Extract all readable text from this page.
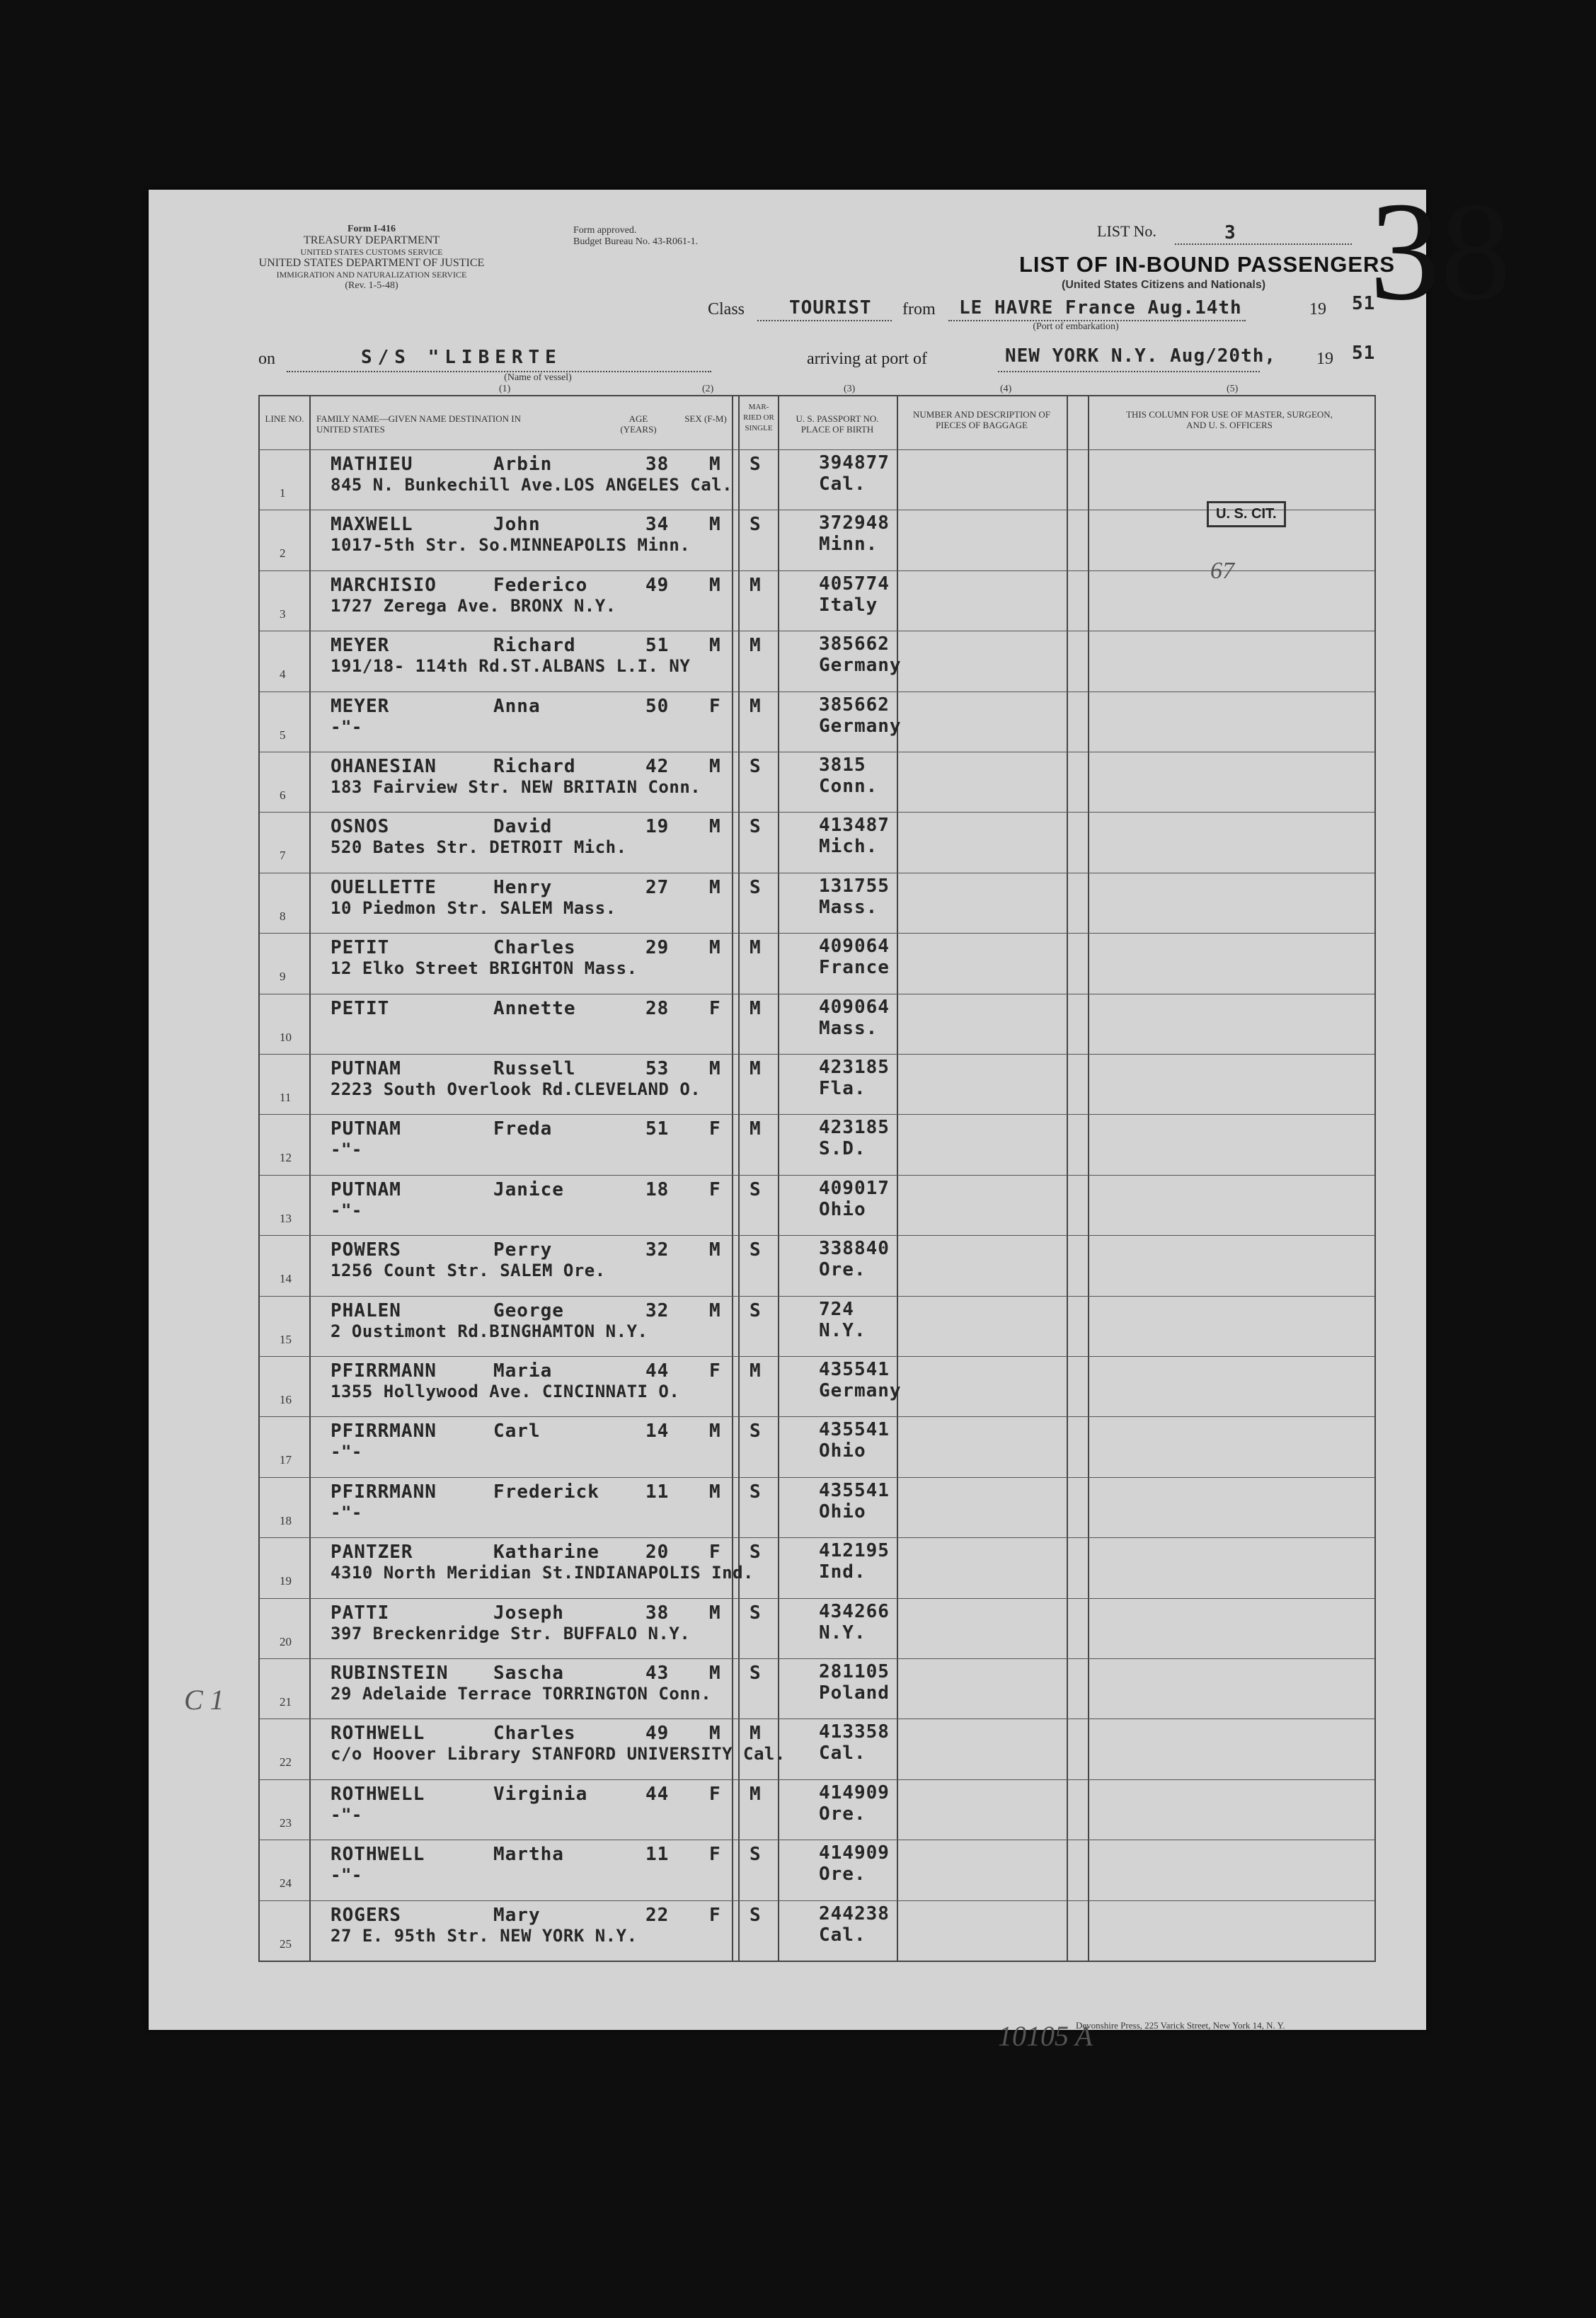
Form I-416
TREASURY DEPARTMENT
UNITED STATES CUSTOMS SERVICE
UNITED STATES DEPARTMENT OF JUSTICE
IMMIGRATION AND NATURALIZATION SERVICE
(Rev. 1-5-48)
Form approved.
Budget Bureau No. 43-R061-1.
LIST No.	3 38
LIST OF IN-BOUND PASSENGERS
(United States Citizens and Nationals)
Class TOURIST from LE HAVRE France Aug.14th
(Port of embarkation)
19 51
on	S/S "LIBERTE
(Name of vessel)
arriving at port of	NEW YORK N.Y. Aug/20th, 19 51
(1)	(2)	(3)	(4)	(5)
LINE NO. FAMILY NAME—GIVEN NAME DESTINATION IN UNITED STATES
AGE (YEARS)
SEX (F-M)
MAR-RIED OR SINGLE
U. S. PASSPORT NO. PLACE OF BIRTH
NUMBER AND DESCRIPTION OF PIECES OF BAGGAGE
THIS COLUMN FOR USE OF MASTER, SURGEON, AND U. S. OFFICERS
1
MATHIEU	Arbin	38 M S	394877
845 N. Bunkechill Ave.LOS ANGELES Cal.	Cal.
2
MAXWELL	John	34 M S	372948
1017-5th Str. So.MINNEAPOLIS Minn.	Minn.
3
MARCHISIO	Federico	49 M M	405774
1727 Zerega Ave. BRONX N.Y.	Italy
4
MEYER	Richard	51 M M	385662
191/18- 114th Rd.ST.ALBANS L.I. NY	Germany
5
MEYER	Anna	50 F M	385662
-"-	Germany
6
OHANESIAN	Richard	42 M S	3815
183 Fairview Str. NEW BRITAIN Conn.	Conn.
7
OSNOS	David	19 M S	413487
520 Bates Str. DETROIT Mich.	Mich.
8
OUELLETTE	Henry	27 M S	131755
10 Piedmon Str. SALEM Mass.	Mass.
9
PETIT	Charles	29 M M	409064
12 Elko Street BRIGHTON Mass.	France
10
PETIT	Annette	28 F M	409064
Mass.
11
PUTNAM	Russell	53 M M	423185
2223 South Overlook Rd.CLEVELAND O.	Fla.
12
PUTNAM	Freda	51 F M	423185
-"-	S.D.
13
PUTNAM	Janice	18 F S	409017
-"-	Ohio
14
POWERS	Perry	32 M S	338840
1256 Count Str. SALEM Ore.	Ore.
15
PHALEN	George	32 M S	724
2 Oustimont Rd.BINGHAMTON N.Y.	N.Y.
16
PFIRRMANN	Maria	44 F M	435541
1355 Hollywood Ave. CINCINNATI O.	Germany
17
PFIRRMANN	Carl	14 M S	435541
-"-	Ohio
18
PFIRRMANN	Frederick	11 M S	435541
-"-	Ohio
19
PANTZER	Katharine	20 F S	412195
4310 North Meridian St.INDIANAPOLIS Ind.	Ind.
20
PATTI	Joseph	38 M S	434266
397 Breckenridge Str. BUFFALO N.Y.	N.Y.
21
RUBINSTEIN Sascha	43 M S	281105
29 Adelaide Terrace TORRINGTON Conn.	Poland
22
ROTHWELL	Charles	49 M M	413358
c/o Hoover Library STANFORD UNIVERSITY Cal. Cal.
23
ROTHWELL	Virginia	44 F M	414909
-"-	Ore.
24
ROTHWELL	Martha	11 F S	414909
-"-	Ore.
25
ROGERS	Mary	22 F S	244238
27 E. 95th Str. NEW YORK N.Y.	Cal.
U. S. CIT.
67
10105 A
C 1
Devonshire Press, 225 Varick Street, New York 14, N. Y.
